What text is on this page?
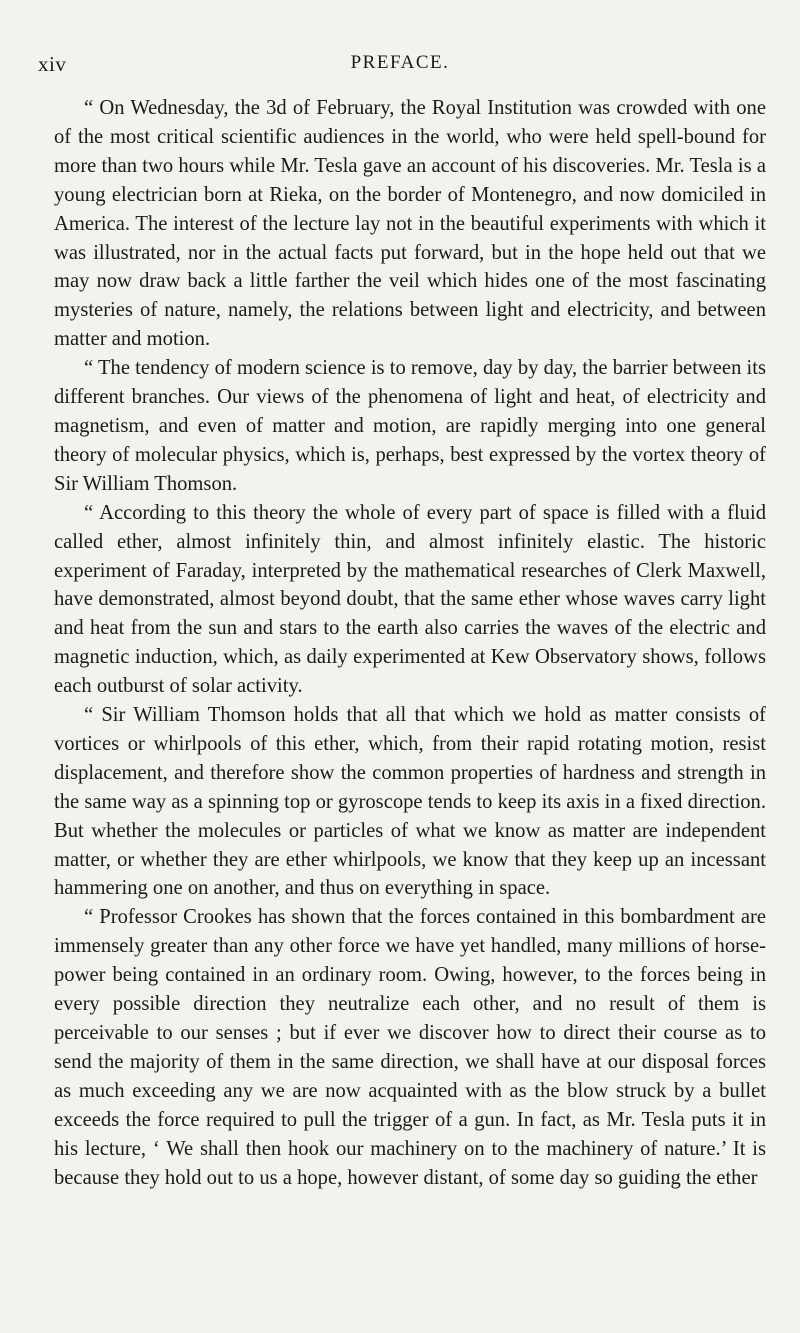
xiv	PREFACE.

“ On Wednesday, the 3d of February, the Royal Institution was crowded with one of the most critical scientific audiences in the world, who were held spell-bound for more than two hours while Mr. Tesla gave an account of his discoveries. Mr. Tesla is a young electrician born at Rieka, on the border of Montenegro, and now domiciled in America. The interest of the lecture lay not in the beautiful experiments with which it was illustrated, nor in the actual facts put forward, but in the hope held out that we may now draw back a little farther the veil which hides one of the most fascinating mysteries of nature, namely, the relations between light and electricity, and between matter and motion.

“ The tendency of modern science is to remove, day by day, the barrier between its different branches. Our views of the phenomena of light and heat, of electricity and magnetism, and even of matter and motion, are rapidly merging into one general theory of molecular physics, which is, perhaps, best expressed by the vortex theory of Sir William Thomson.

“ According to this theory the whole of every part of space is filled with a fluid called ether, almost infinitely thin, and almost infinitely elastic. The historic experiment of Faraday, interpreted by the mathematical researches of Clerk Maxwell, have demonstrated, almost beyond doubt, that the same ether whose waves carry light and heat from the sun and stars to the earth also carries the waves of the electric and magnetic induction, which, as daily experimented at Kew Observatory shows, follows each outburst of solar activity.

“ Sir William Thomson holds that all that which we hold as matter consists of vortices or whirlpools of this ether, which, from their rapid rotating motion, resist displacement, and therefore show the common properties of hardness and strength in the same way as a spinning top or gyroscope tends to keep its axis in a fixed direction. But whether the molecules or particles of what we know as matter are independent matter, or whether they are ether whirlpools, we know that they keep up an incessant hammering one on another, and thus on everything in space.

“ Professor Crookes has shown that the forces contained in this bombardment are immensely greater than any other force we have yet handled, many millions of horse-power being contained in an ordinary room. Owing, however, to the forces being in every possible direction they neutralize each other, and no result of them is perceivable to our senses ; but if ever we discover how to direct their course as to send the majority of them in the same direction, we shall have at our disposal forces as much exceeding any we are now acquainted with as the blow struck by a bullet exceeds the force required to pull the trigger of a gun. In fact, as Mr. Tesla puts it in his lecture, ‘ We shall then hook our machinery on to the machinery of nature.’ It is because they hold out to us a hope, however distant, of some day so guiding the ether
